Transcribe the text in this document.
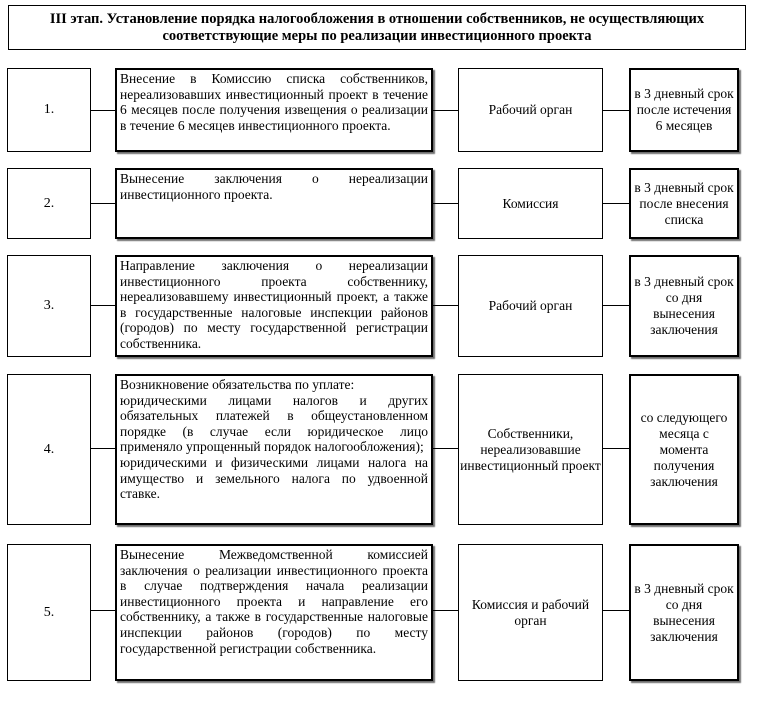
III этап. Установление порядка налогообложения в отношении собственников, не осуществляющих соответствующие меры по реализации инвестиционного проекта
1.
Внесение в Комиссию списка собственников, нереализовавших инвестиционный проект в течение 6 месяцев после получения извещения о реализации в течение 6 месяцев инвестиционного проекта.
Рабочий орган
в 3 дневный срок после истечения 6 месяцев
2.
Вынесение заключения о нереализации инвестиционного проекта.
Комиссия
в 3 дневный срок после внесения списка
3.
Направление заключения о нереализации инвестиционного проекта собственнику, нереализовавшему инвестиционный проект, а также в государственные налоговые инспекции районов (городов) по месту государственной регистрации собственника.
Рабочий орган
в 3 дневный срок со дня вынесения заключения
4.
Возникновение обязательства по уплате:
юридическими лицами налогов и других обязательных платежей в общеустановленном порядке (в случае если юридическое лицо применяло упрощенный порядок налогообложения);
юридическими и физическими лицами налога на имущество и земельного налога по удвоенной ставке.
Собственники, нереализовавшие инвестиционный проект
со следующего месяца с момента получения заключения
5.
Вынесение Межведомственной комиссией заключения о реализации инвестиционного проекта в случае подтверждения начала реализации инвестиционного проекта и направление его собственнику, а также в государственные налоговые инспекции районов (городов) по месту государственной регистрации собственника.
Комиссия и рабочий орган
в 3 дневный срок со дня вынесения заключения
